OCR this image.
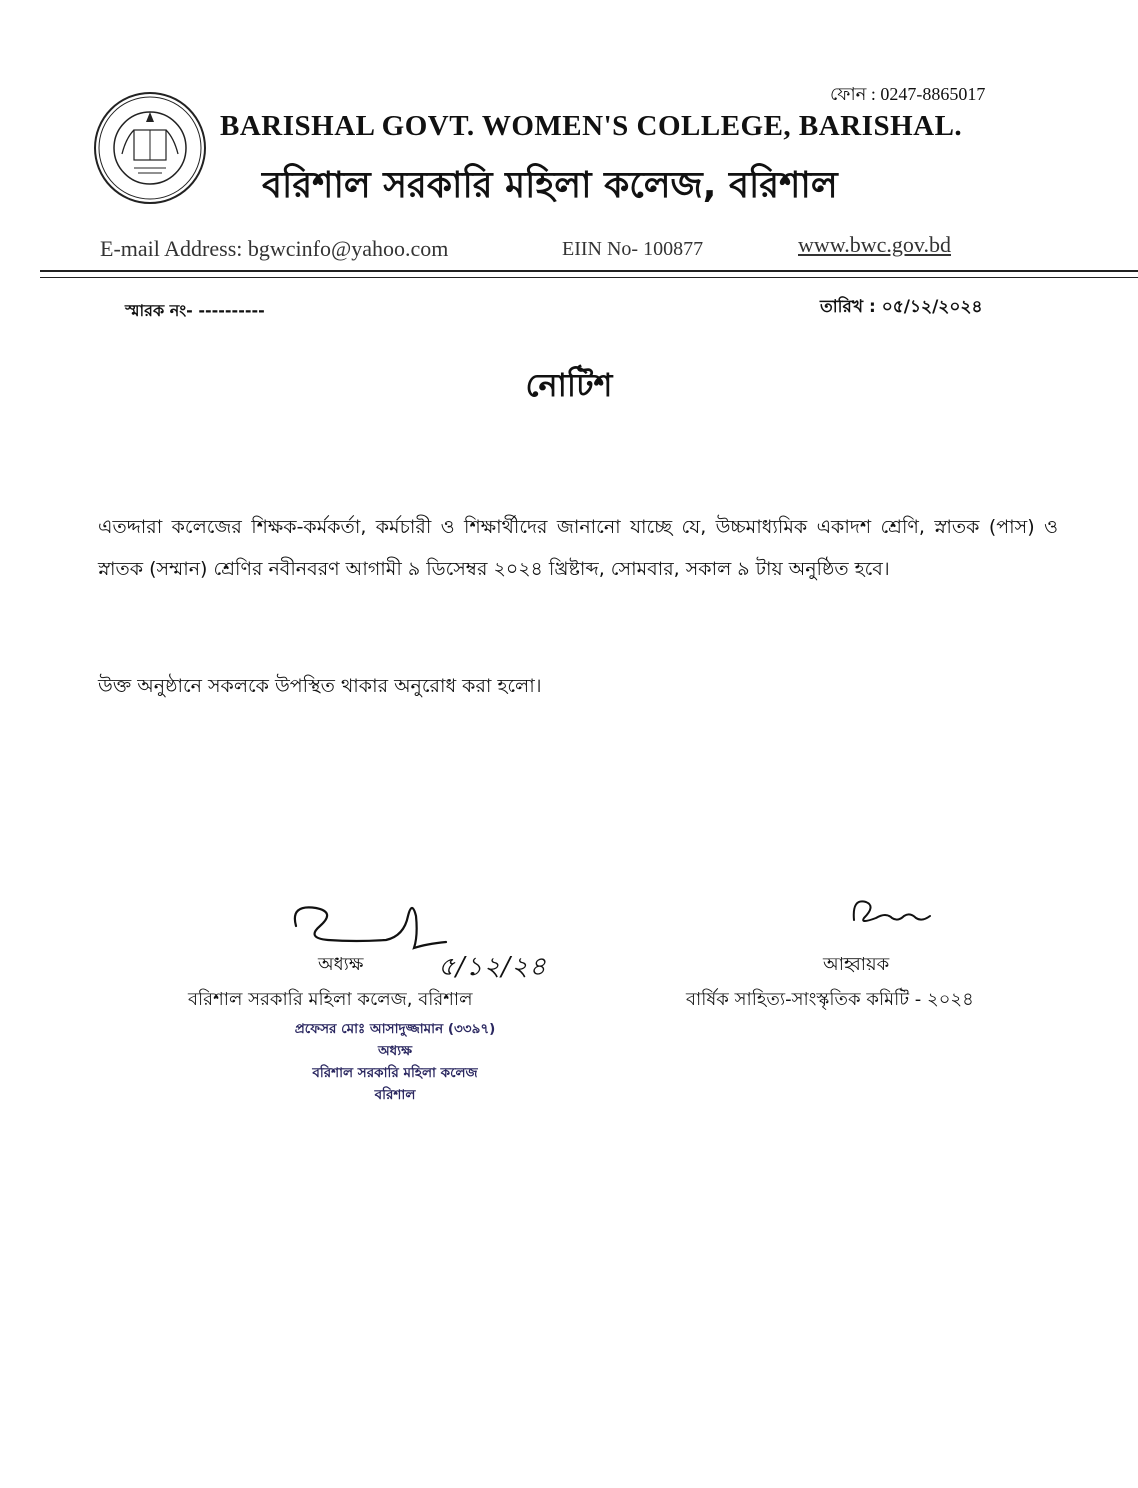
ফোন : 0247-8865017
BARISHAL GOVT. WOMEN'S COLLEGE, BARISHAL.
বরিশাল সরকারি মহিলা কলেজ, বরিশাল
E-mail Address: bgwcinfo@yahoo.com	EIIN No- 100877	www.bwc.gov.bd
স্মারক নং- ----------	তারিখ : ০৫/১২/২০২৪
নোটিশ
এতদ্দারা কলেজের শিক্ষক-কর্মকর্তা, কর্মচারী ও শিক্ষার্থীদের জানানো যাচ্ছে যে, উচ্চমাধ্যমিক একাদশ শ্রেণি, স্নাতক (পাস) ও স্নাতক (সম্মান) শ্রেণির নবীনবরণ আগামী ৯ ডিসেম্বর ২০২৪ খ্রিষ্টাব্দ, সোমবার, সকাল ৯ টায় অনুষ্ঠিত হবে।
উক্ত অনুষ্ঠানে সকলকে উপস্থিত থাকার অনুরোধ করা হলো।
৫/১২/২৪
অধ্যক্ষ
বরিশাল সরকারি মহিলা কলেজ, বরিশাল
প্রফেসর মোঃ আসাদুজ্জামান (৩৩৯৭)
অধ্যক্ষ
বরিশাল সরকারি মহিলা কলেজ
বরিশাল
আহ্বায়ক
বার্ষিক সাহিত্য-সাংস্কৃতিক কমিটি - ২০২৪
